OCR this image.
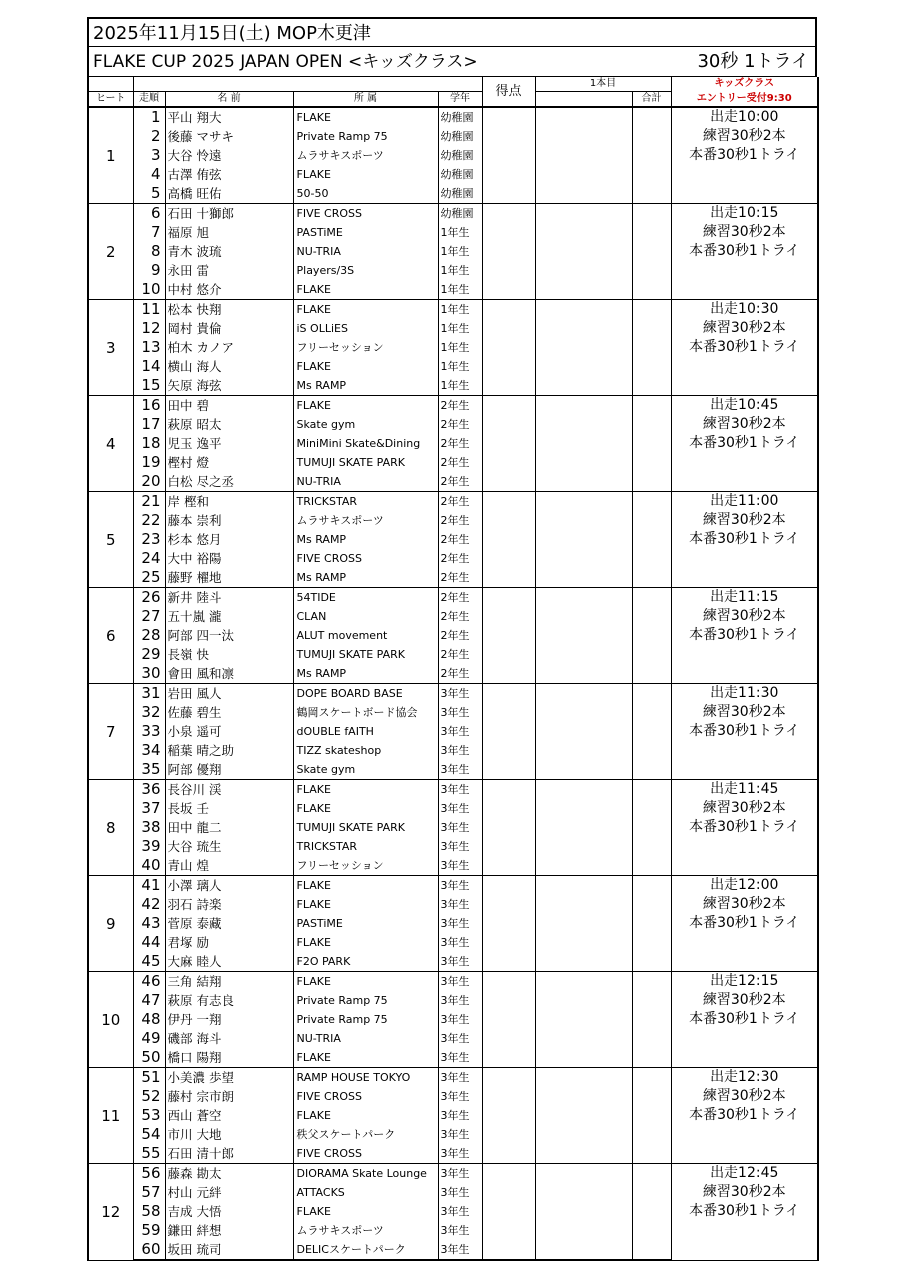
2025年11月15日(土) MOP木更津
FLAKE CUP 2025 JAPAN OPEN <キッズクラス>	30秒 1トライ
					得点	1本目		キッズクラス
ヒート	走順	名 前	所 属	学年			合計	エントリー受付9:30
1	1	平山 翔大	FLAKE	幼稚園				出走10:00
練習30秒2本
本番30秒1トライ

	2	後藤 マサキ	Private Ramp 75	幼稚園				
	3	大谷 怜遠	ムラサキスポーツ	幼稚園				
	4	古澤 侑弦	FLAKE	幼稚園				
	5	高橋 旺佑	50-50	幼稚園				
2	6	石田 十獅郎	FIVE CROSS	幼稚園				出走10:15
練習30秒2本
本番30秒1トライ

	7	福原 旭	PASTiME	1年生				
	8	青木 波琉	NU-TRIA	1年生				
	9	永田 雷	Players/3S	1年生				
	10	中村 悠介	FLAKE	1年生				
3	11	松本 快翔	FLAKE	1年生				出走10:30
練習30秒2本
本番30秒1トライ

	12	岡村 貴倫	iS OLLiES	1年生				
	13	柏木 カノア	フリーセッション	1年生				
	14	横山 海人	FLAKE	1年生				
	15	矢原 海弦	Ms RAMP	1年生				
4	16	田中 碧	FLAKE	2年生				出走10:45
練習30秒2本
本番30秒1トライ

	17	萩原 昭太	Skate gym	2年生				
	18	児玉 逸平	MiniMini Skate&Dining	2年生				
	19	樫村 燈	TUMUJI SKATE PARK	2年生				
	20	白松 尽之丞	NU-TRIA	2年生				
5	21	岸 樫和	TRICKSTAR	2年生				出走11:00
練習30秒2本
本番30秒1トライ

	22	藤本 崇利	ムラサキスポーツ	2年生				
	23	杉本 悠月	Ms RAMP	2年生				
	24	大中 裕陽	FIVE CROSS	2年生				
	25	藤野 櫂地	Ms RAMP	2年生				
6	26	新井 陸斗	54TIDE	2年生				出走11:15
練習30秒2本
本番30秒1トライ

	27	五十嵐 瀧	CLAN	2年生				
	28	阿部 四一汰	ALUT movement	2年生				
	29	長嶺 快	TUMUJI SKATE PARK	2年生				
	30	會田 風和凛	Ms RAMP	2年生				
7	31	岩田 風人	DOPE BOARD BASE	3年生				出走11:30
練習30秒2本
本番30秒1トライ

	32	佐藤 碧生	鶴岡スケートボード協会	3年生				
	33	小泉 遥可	dOUBLE fAITH	3年生				
	34	稲葉 晴之助	TIZZ skateshop	3年生				
	35	阿部 優翔	Skate gym	3年生				
8	36	長谷川 渓	FLAKE	3年生				出走11:45
練習30秒2本
本番30秒1トライ

	37	長坂 壬	FLAKE	3年生				
	38	田中 龍二	TUMUJI SKATE PARK	3年生				
	39	大谷 琉生	TRICKSTAR	3年生				
	40	青山 煌	フリーセッション	3年生				
9	41	小澤 璃人	FLAKE	3年生				出走12:00
練習30秒2本
本番30秒1トライ

	42	羽石 詩楽	FLAKE	3年生				
	43	菅原 泰藏	PASTiME	3年生				
	44	君塚 励	FLAKE	3年生				
	45	大麻 睦人	F2O PARK	3年生				
10	46	三角 結翔	FLAKE	3年生				出走12:15
練習30秒2本
本番30秒1トライ

	47	萩原 有志良	Private Ramp 75	3年生				
	48	伊丹 一翔	Private Ramp 75	3年生				
	49	磯部 海斗	NU-TRIA	3年生				
	50	橋口 陽翔	FLAKE	3年生				
11	51	小美濃 歩望	RAMP HOUSE TOKYO	3年生				出走12:30
練習30秒2本
本番30秒1トライ

	52	藤村 宗市朗	FIVE CROSS	3年生				
	53	西山 蒼空	FLAKE	3年生				
	54	市川 大地	秩父スケートパーク	3年生				
	55	石田 清十郎	FIVE CROSS	3年生				
12	56	藤森 勘太	DIORAMA Skate Lounge	3年生				出走12:45
練習30秒2本
本番30秒1トライ

	57	村山 元絆	ATTACKS	3年生				
	58	吉成 大悟	FLAKE	3年生				
	59	鎌田 絆想	ムラサキスポーツ	3年生				
	60	坂田 琉司	DELICスケートパーク	3年生				
